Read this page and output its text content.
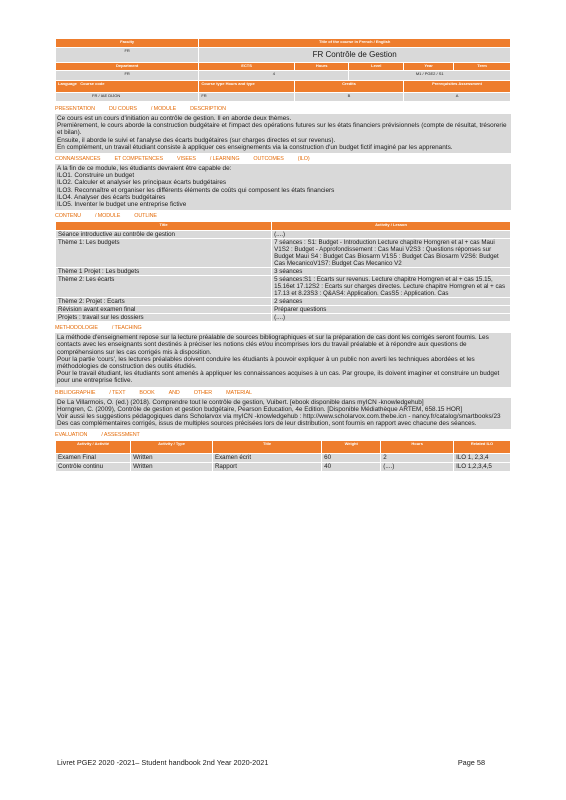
Faculty	Title of the course in French / English				
FR	FR Contrôle de Gestion				
Department	ECTS	Hours	Level	Year	Term
FR	4		M1 / PGE2 / S1		
Language Course code	Course type Hours and type	Credits		Prerequisites Assessment	
FR / IAE DIJON	FR	B		A	
PRESENTATION	DU COURS	/ MODULE	DESCRIPTION

Ce cours est un cours d'initiation au contrôle de gestion. Il en aborde deux thèmes.

Premièrement, le cours aborde la construction budgétaire et l'impact des opérations futures sur les états financiers prévisionnels (compte de résultat, trésorerie et bilan).

Ensuite, il aborde le suivi et l'analyse des écarts budgétaires (sur charges directes et sur revenus).

En complément, un travail étudiant consiste à appliquer ces enseignements via la construction d'un budget fictif imaginé par les apprenants.

CONNAISSANCES	ET COMPETENCES	VISEES	/ LEARNING	OUTCOMES	(ILO)

A la fin de ce module, les étudiants devraient être capable de:

ILO1. Construire un budget

ILO2. Calculer et analyser les principaux écarts budgétaires

ILO3. Reconnaître et organiser les différents éléments de coûts qui composent les états financiers

ILO4. Analyser des écarts budgétaires

ILO5. Inventer le budget une entreprise fictive

CONTENU	/ MODULE	OUTLINE
Title	Activity / Lesson
Séance introductive au contrôle de gestion	(....)
Thème 1: Les budgets	7 séances : S1: Budget - Introduction Lecture chapitre Horngren et al + cas Maui V1S2 : Budget - Approfondissement : Cas Maui V2S3 : Questions réponses sur Budget Maui S4 : Budget Cas Biosarm V1S5 : Budget Cas Biosarm V2S6: Budget Cas MecanicoV1S7: Budget Cas Mecanico V2
Thème 1 Projet : Les budgets	3 séances
Thème 2: Les écarts	5 séances:S1 : Ecarts sur revenus. Lecture chapitre Horngren et al + cas 15.15, 15.16et 17.12S2 : Ecarts sur charges directes. Lecture chapitre Horngren et al + cas 17.13 et 8.23S3 : Q&AS4: Application. CasS5 : Application. Cas
Thème 2: Projet : Ecarts	2 séances
Révision avant examen final	Préparer questions
Projets : travail sur les dossiers	(....)
METHODOLOGIE	/ TEACHING

La méthode d'enseignement repose sur la lecture préalable de sources bibliographiques et sur la préparation de cas dont les corrigés seront fournis. Les contacts avec les enseignants sont destinés à préciser les notions clés et/ou incomprises lors du travail préalable et à répondre aux questions de compréhensions sur les cas corrigés mis à disposition.

Pour la partie 'cours', les lectures préalables doivent conduire les étudiants à pouvoir expliquer à un public non averti les techniques abordées et les méthodologies de construction des outils étudiés.

Pour le travail étudiant, les étudiants sont amenés à appliquer les connaissances acquises à un cas. Par groupe, ils doivent imaginer et construire un budget pour une entreprise fictive.

BIBLIOGRAPHIE	/ TEXT	BOOK	AND	OTHER	MATERIAL

De La Villarmois, O. (ed.) (2018). Comprendre tout le contrôle de gestion, Vuibert. [ebook disponible dans myICN -knowledgehub]

Horngren, C. (2009), Contrôle de gestion et gestion budgétaire, Pearson Education, 4e Edition. [Disponible Médiathèque ARTEM, 658.15 HOR]

Voir aussi les suggestions pédagogiques dans Scholarvox via myICN -knowledgehub : http://www.scholarvox.com.thebe.icn - nancy.fr/catalog/smartbooks/23

Des cas complémentaires corrigés, issus de multiples sources précisées lors de leur distribution, sont fournis en rapport avec chacune des séances.

EVALUATION	/ ASSESSMENT
Activity / Activité	Activity / Type	Title	Weight	Hours	Related ILO
Examen Final	Written	Examen écrit	60	2	ILO 1, 2,3,4
Contrôle continu	Written	Rapport	40	(....)	ILO 1,2,3,4,5
Livret PGE2 2020 -2021– Student handbook 2nd Year 2020-2021	Page 58
